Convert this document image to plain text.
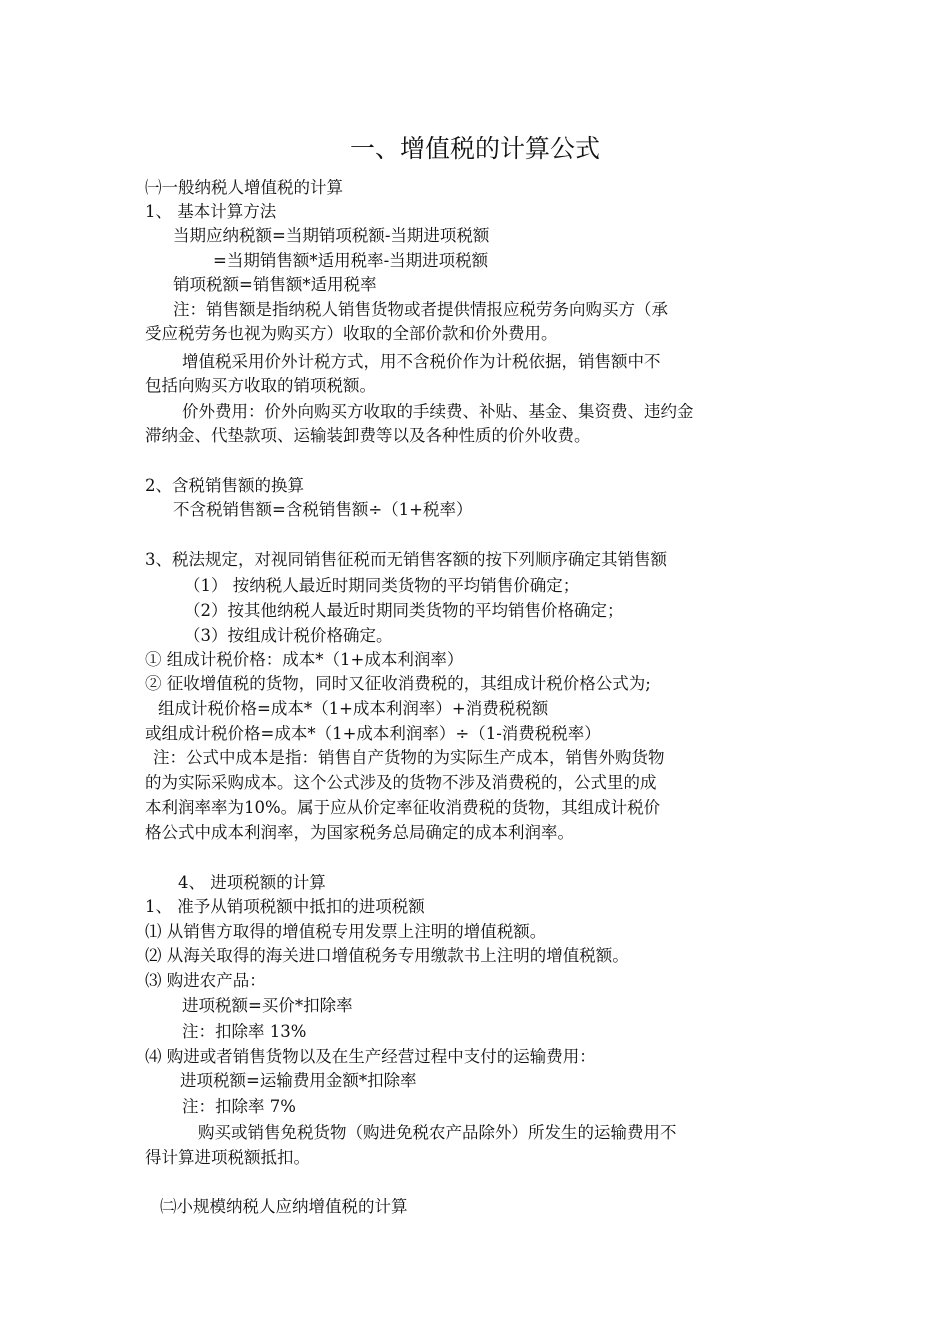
一、增值税的计算公式

㈠一般纳税人增值税的计算

1、 基本计算方法

当期应纳税额=当期销项税额-当期进项税额

=当期销售额*适用税率-当期进项税额

销项税额=销售额*适用税率

注：销售额是指纳税人销售货物或者提供情报应税劳务向购买方（承

受应税劳务也视为购买方）收取的全部价款和价外费用。

增值税采用价外计税方式，用不含税价作为计税依据，销售额中不

包括向购买方收取的销项税额。

价外费用：价外向购买方收取的手续费、补贴、基金、集资费、违约金

滞纳金、代垫款项、运输装卸费等以及各种性质的价外收费。

2、含税销售额的换算

不含税销售额=含税销售额÷（1+税率）

3、税法规定，对视同销售征税而无销售客额的按下列顺序确定其销售额

（1） 按纳税人最近时期同类货物的平均销售价确定；

（2）按其他纳税人最近时期同类货物的平均销售价格确定；

（3）按组成计税价格确定。

① 组成计税价格：成本*（1+成本利润率）

② 征收增值税的货物，同时又征收消费税的，其组成计税价格公式为;

组成计税价格=成本*（1+成本利润率）+消费税税额

或组成计税价格=成本*（1+成本利润率）÷（1-消费税税率）

注：公式中成本是指：销售自产货物的为实际生产成本，销售外购货物

的为实际采购成本。这个公式涉及的货物不涉及消费税的，公式里的成

本利润率率为10%。属于应从价定率征收消费税的货物，其组成计税价

格公式中成本利润率，为国家税务总局确定的成本利润率。

4、 进项税额的计算

1、 准予从销项税额中抵扣的进项税额

⑴ 从销售方取得的增值税专用发票上注明的增值税额。

⑵ 从海关取得的海关进口增值税务专用缴款书上注明的增值税额。

⑶ 购进农产品：

进项税额=买价*扣除率

注：扣除率 13%

⑷ 购进或者销售货物以及在生产经营过程中支付的运输费用：

进项税额=运输费用金额*扣除率

注：扣除率 7%

购买或销售免税货物（购进免税农产品除外）所发生的运输费用不

得计算进项税额抵扣。

㈡小规模纳税人应纳增值税的计算
